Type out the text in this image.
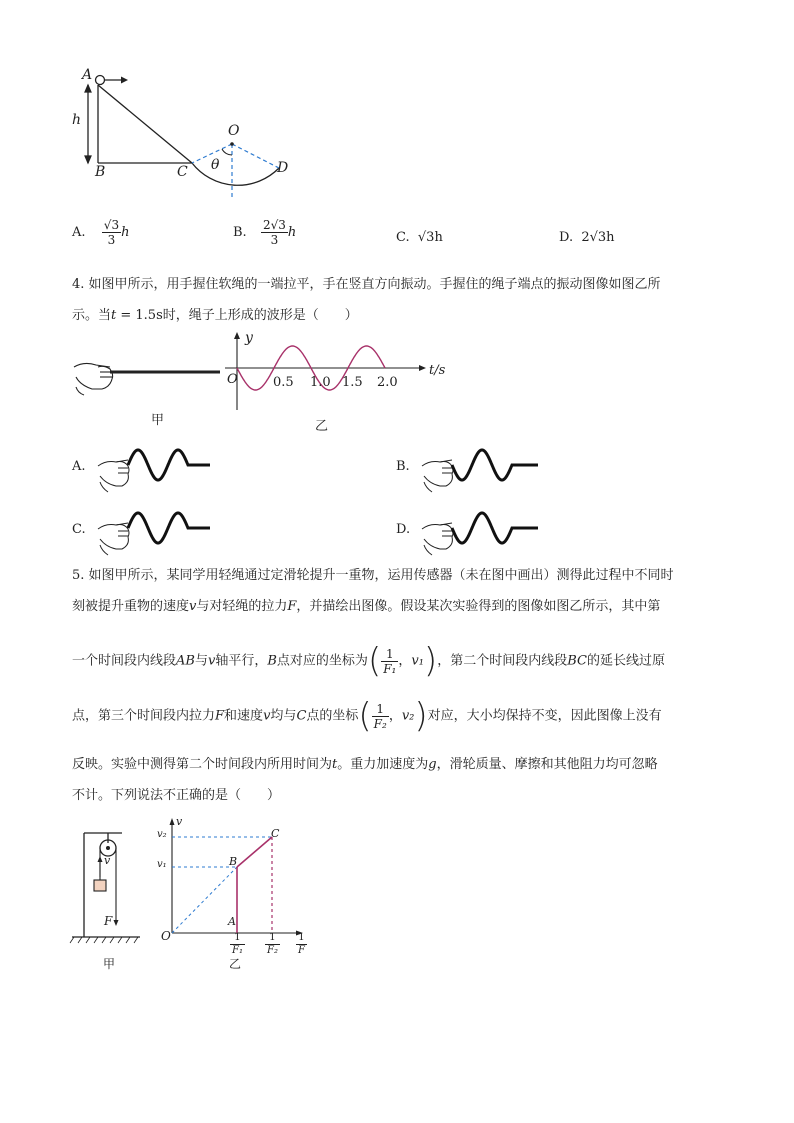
A
h
B	C
O
θ	D
A. $\frac{√3}{3}$ h	B. $\frac{2√3}{3}$ h	C. √3h	D. 2√3h
4. 如图甲所示，用手握住软绳的一端拉平，手在竖直方向振动。手握住的绳子端点的振动图像如图乙所
示。当t = 1.5s时，绳子上形成的波形是（　　）
甲
y
t/s
O	0.5 1.0 1.5 2.0
乙
A.	B.
C.	D.
5. 如图甲所示，某同学用轻绳通过定滑轮提升一重物，运用传感器（未在图中画出）测得此过程中不同时
刻被提升重物的速度v与对轻绳的拉力F，并描绘出图像。假设某次实验得到的图像如图乙所示，其中第
一个时间段内线段AB与v轴平行，B点对应的坐标为( $\frac{1}{\text{F₁}}$ ，v₁)，第二个时间段内线段BC的延长线过原
点，第三个时间段内拉力F和速度v均与C点的坐标( $\frac{1}{\text{F₂}}$ ，v₂)对应，大小均保持不变，因此图像上没有
反映。实验中测得第二个时间段内所用时间为t。重力加速度为g，滑轮质量、摩擦和其他阻力均可忽略
不计。下列说法不正确的是（　　）
v
F
甲
v
v₂
v₁	B
C
A
O	$\frac{1}{\text{F₁}} \frac{1}{\text{F₂}} \frac{1}{F}$
乙
